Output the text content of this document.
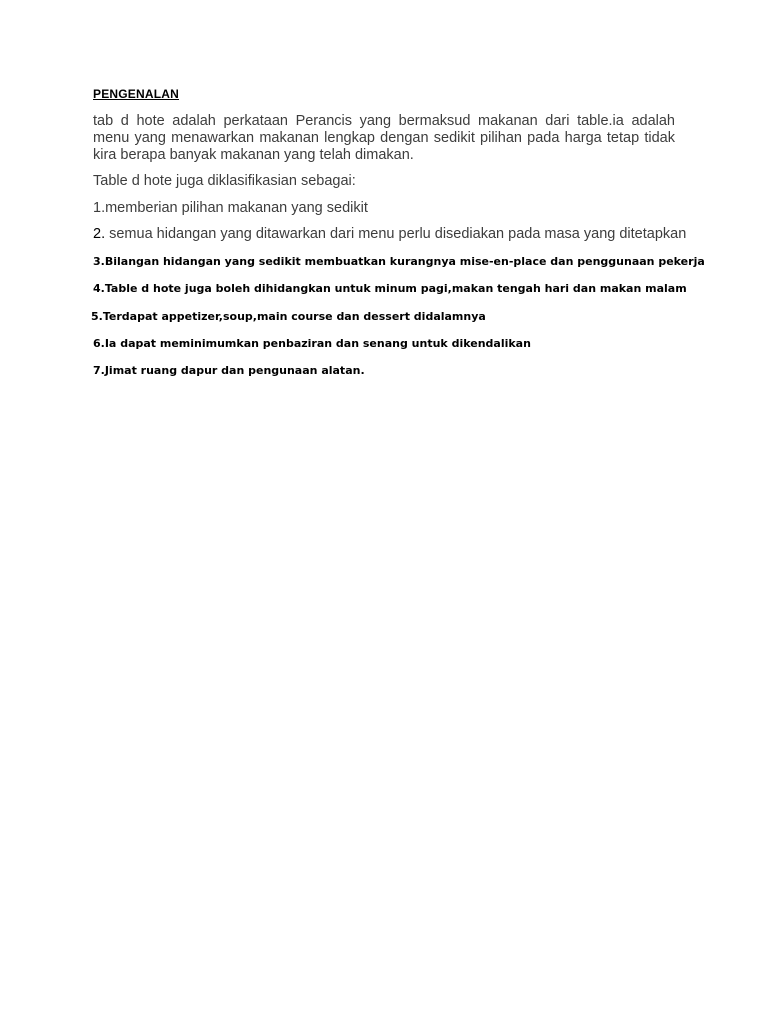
PENGENALAN

tab d hote adalah perkataan Perancis yang bermaksud makanan dari table.ia adalah menu yang menawarkan makanan lengkap dengan sedikit pilihan pada harga tetap tidak kira berapa banyak makanan yang telah dimakan.

Table d hote juga diklasifikasian sebagai:

1.memberian pilihan makanan yang sedikit

2. semua hidangan yang ditawarkan dari menu perlu disediakan pada masa yang ditetapkan

3.Bilangan hidangan yang sedikit membuatkan kurangnya mise-en-place dan penggunaan pekerja

4.Table d hote juga boleh dihidangkan untuk minum pagi,makan tengah hari dan makan malam

5.Terdapat appetizer,soup,main course dan dessert didalamnya

6.Ia dapat meminimumkan penbaziran dan senang untuk dikendalikan

7.Jimat ruang dapur dan pengunaan alatan.
